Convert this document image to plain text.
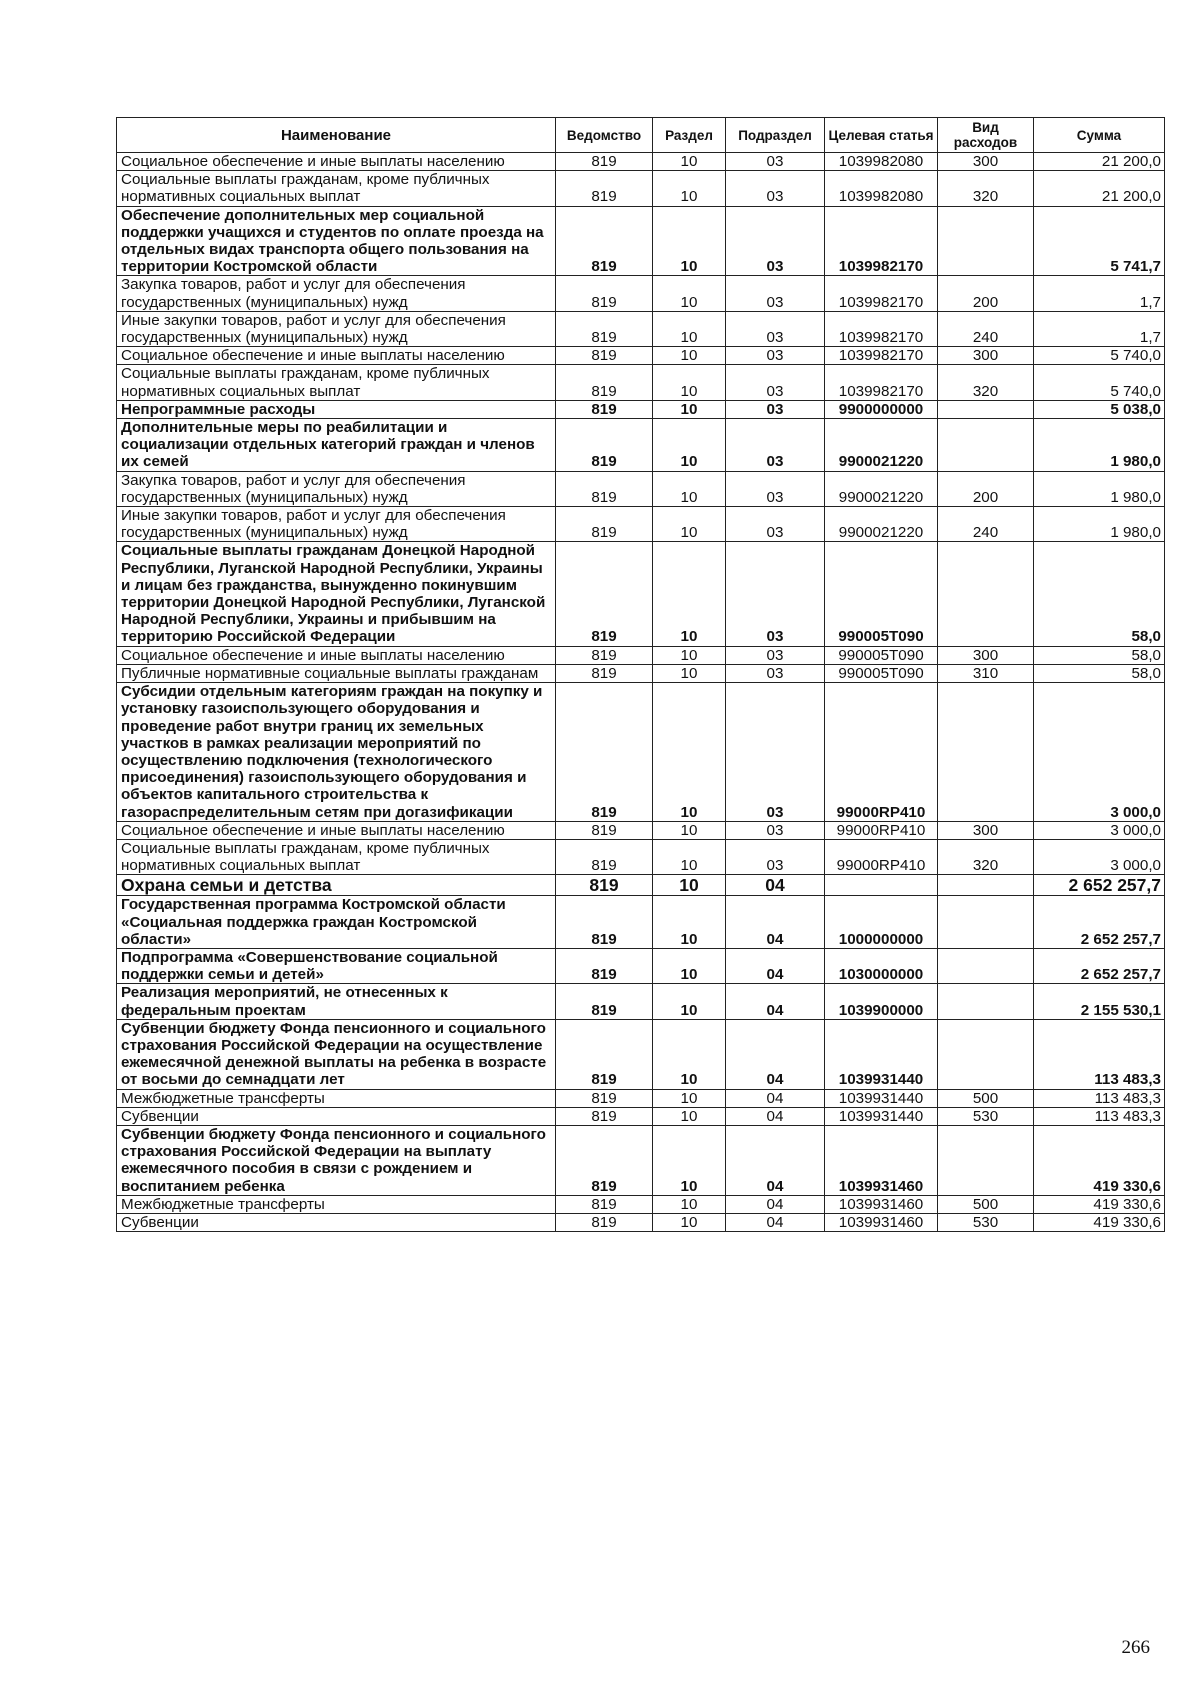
Наименование	Ведомство	Раздел	Подраздел	Целевая статья	Вид расходов	Сумма
Социальное обеспечение и иные выплаты населению	819	10	03	1039982080	300	21 200,0
Социальные выплаты гражданам, кроме публичных нормативных социальных выплат	819	10	03	1039982080	320	21 200,0
Обеспечение дополнительных мер социальной поддержки учащихся и студентов по оплате проезда на отдельных видах транспорта общего пользования на территории Костромской области	819	10	03	1039982170		5 741,7
Закупка товаров, работ и услуг для обеспечения государственных (муниципальных) нужд	819	10	03	1039982170	200	1,7
Иные закупки товаров, работ и услуг для обеспечения государственных (муниципальных) нужд	819	10	03	1039982170	240	1,7
Социальное обеспечение и иные выплаты населению	819	10	03	1039982170	300	5 740,0
Социальные выплаты гражданам, кроме публичных нормативных социальных выплат	819	10	03	1039982170	320	5 740,0
Непрограммные расходы	819	10	03	9900000000		5 038,0
Дополнительные меры по реабилитации и социализации отдельных категорий граждан и членов их семей	819	10	03	9900021220		1 980,0
Закупка товаров, работ и услуг для обеспечения государственных (муниципальных) нужд	819	10	03	9900021220	200	1 980,0
Иные закупки товаров, работ и услуг для обеспечения государственных (муниципальных) нужд	819	10	03	9900021220	240	1 980,0
Социальные выплаты гражданам Донецкой Народной Республики, Луганской Народной Республики, Украины и лицам без гражданства, вынужденно покинувшим территории Донецкой Народной Республики, Луганской Народной Республики, Украины и прибывшим на территорию Российской Федерации	819	10	03	990005Т090		58,0
Социальное обеспечение и иные выплаты населению	819	10	03	990005Т090	300	58,0
Публичные нормативные социальные выплаты гражданам	819	10	03	990005Т090	310	58,0
Субсидии отдельным категориям граждан на покупку и установку газоиспользующего оборудования и проведение работ внутри границ их земельных участков в рамках реализации мероприятий по осуществлению подключения (технологического присоединения) газоиспользующего оборудования и объектов капитального строительства к газораспределительным сетям при догазификации	819	10	03	99000RP410		3 000,0
Социальное обеспечение и иные выплаты населению	819	10	03	99000RP410	300	3 000,0
Социальные выплаты гражданам, кроме публичных нормативных социальных выплат	819	10	03	99000RP410	320	3 000,0
Охрана семьи и детства	819	10	04			2 652 257,7
Государственная программа Костромской области «Социальная поддержка граждан Костромской области»	819	10	04	1000000000		2 652 257,7
Подпрограмма «Совершенствование социальной поддержки семьи и детей»	819	10	04	1030000000		2 652 257,7
Реализация мероприятий, не отнесенных к федеральным проектам	819	10	04	1039900000		2 155 530,1
Субвенции бюджету Фонда пенсионного и социального страхования Российской Федерации на осуществление ежемесячной денежной выплаты на ребенка в возрасте от восьми до семнадцати лет	819	10	04	1039931440		113 483,3
Межбюджетные трансферты	819	10	04	1039931440	500	113 483,3
Субвенции	819	10	04	1039931440	530	113 483,3
Субвенции бюджету Фонда пенсионного и социального страхования Российской Федерации на выплату ежемесячного пособия в связи с рождением и воспитанием ребенка	819	10	04	1039931460		419 330,6
Межбюджетные трансферты	819	10	04	1039931460	500	419 330,6
Субвенции	819	10	04	1039931460	530	419 330,6
266
